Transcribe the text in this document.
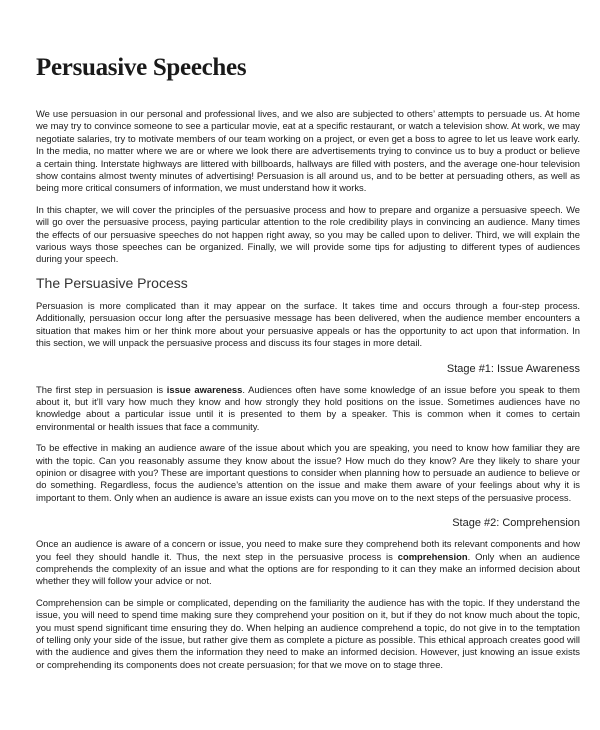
Persuasive Speeches

We use persuasion in our personal and professional lives, and we also are subjected to others’ attempts to persuade us. At home we may try to convince someone to see a particular movie, eat at a specific restaurant, or watch a television show. At work, we may negotiate salaries, try to motivate members of our team working on a project, or even get a boss to agree to let us leave work early. In the media, no matter where we are or where we look there are advertisements trying to convince us to buy a product or believe a certain thing. Interstate highways are littered with billboards, hallways are filled with posters, and the average one-hour television show contains almost twenty minutes of advertising! Persuasion is all around us, and to be better at persuading others, as well as being more critical consumers of information, we must understand how it works.

In this chapter, we will cover the principles of the persuasive process and how to prepare and organize a persuasive speech. We will go over the persuasive process, paying particular attention to the role credibility plays in convincing an audience. Many times the effects of our persuasive speeches do not happen right away, so you may be called upon to deliver. Third, we will explain the various ways those speeches can be organized. Finally, we will provide some tips for adjusting to different types of audiences during your speech.

The Persuasive Process

Persuasion is more complicated than it may appear on the surface. It takes time and occurs through a four-step process. Additionally, persuasion occur long after the persuasive message has been delivered, when the audience member encounters a situation that makes him or her think more about your persuasive appeals or has the opportunity to act upon that information. In this section, we will unpack the persuasive process and discuss its four stages in more detail.

Stage #1: Issue Awareness

The first step in persuasion is issue awareness. Audiences often have some knowledge of an issue before you speak to them about it, but it’ll vary how much they know and how strongly they hold positions on the issue. Sometimes audiences have no knowledge about a particular issue until it is presented to them by a speaker. This is common when it comes to certain environmental or health issues that face a community.

To be effective in making an audience aware of the issue about which you are speaking, you need to know how familiar they are with the topic. Can you reasonably assume they know about the issue? How much do they know? Are they likely to share your opinion or disagree with you? These are important questions to consider when planning how to persuade an audience to believe or do something. Regardless, focus the audience’s attention on the issue and make them aware of your feelings about why it is important to them. Only when an audience is aware an issue exists can you move on to the next steps of the persuasive process.

Stage #2: Comprehension

Once an audience is aware of a concern or issue, you need to make sure they comprehend both its relevant components and how you feel they should handle it. Thus, the next step in the persuasive process is comprehension. Only when an audience comprehends the complexity of an issue and what the options are for responding to it can they make an informed decision about whether they will follow your advice or not.

Comprehension can be simple or complicated, depending on the familiarity the audience has with the topic. If they understand the issue, you will need to spend time making sure they comprehend your position on it, but if they do not know much about the topic, you must spend significant time ensuring they do. When helping an audience comprehend a topic, do not give in to the temptation of telling only your side of the issue, but rather give them as complete a picture as possible. This ethical approach creates good will with the audience and gives them the information they need to make an informed decision. However, just knowing an issue exists or comprehending its components does not create persuasion; for that we move on to stage three.
